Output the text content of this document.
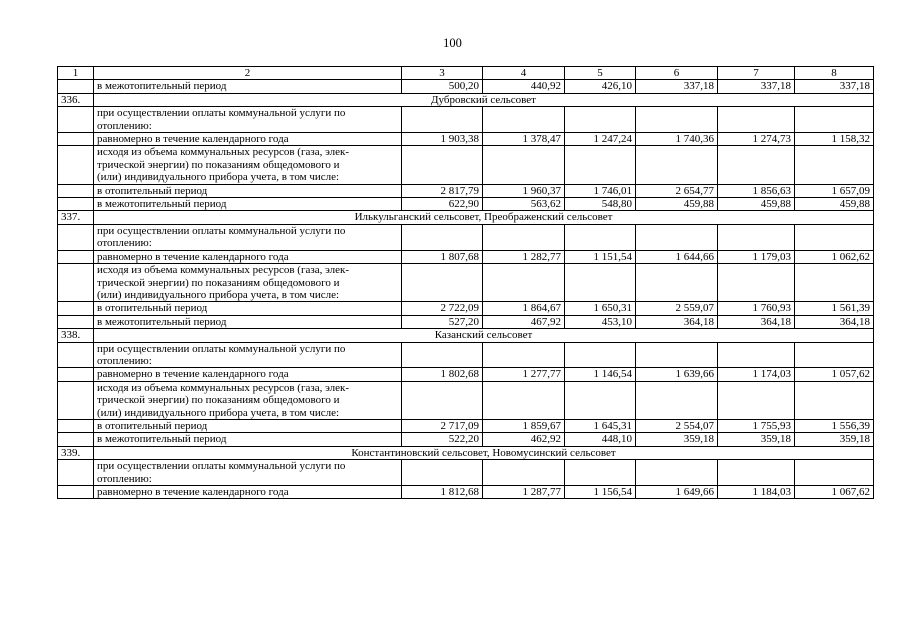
100
1	2	3	4	5	6	7	8
	в межотопительный период	500,20	440,92	426,10	337,18	337,18	337,18
336.	Дубровский сельсовет						

	при осуществлении оплаты коммунальной услуги по
отоплению:						

	равномерно в течение календарного года	1 903,38	1 378,47	1 247,24	1 740,36	1 274,73	1 158,32

	исходя из объема коммунальных ресурсов (газа, элек-
трической энергии) по показаниям общедомового и
(или) индивидуального прибора учета, в том числе:						

	в отопительный период	2 817,79	1 960,37	1 746,01	2 654,77	1 856,63	1 657,09
	в межотопительный период	622,90	563,62	548,80	459,88	459,88	459,88
337.	Илькульганский сельсовет, Преображенский сельсовет						

	при осуществлении оплаты коммунальной услуги по
отоплению:						

	равномерно в течение календарного года	1 807,68	1 282,77	1 151,54	1 644,66	1 179,03	1 062,62

	исходя из объема коммунальных ресурсов (газа, элек-
трической энергии) по показаниям общедомового и
(или) индивидуального прибора учета, в том числе:						

	в отопительный период	2 722,09	1 864,67	1 650,31	2 559,07	1 760,93	1 561,39
	в межотопительный период	527,20	467,92	453,10	364,18	364,18	364,18
338.	Казанский сельсовет						

	при осуществлении оплаты коммунальной услуги по
отоплению:						

	равномерно в течение календарного года	1 802,68	1 277,77	1 146,54	1 639,66	1 174,03	1 057,62

	исходя из объема коммунальных ресурсов (газа, элек-
трической энергии) по показаниям общедомового и
(или) индивидуального прибора учета, в том числе:						

	в отопительный период	2 717,09	1 859,67	1 645,31	2 554,07	1 755,93	1 556,39
	в межотопительный период	522,20	462,92	448,10	359,18	359,18	359,18
339.	Константиновский сельсовет, Новомусинский сельсовет						

	при осуществлении оплаты коммунальной услуги по
отоплению:						

	равномерно в течение календарного года	1 812,68	1 287,77	1 156,54	1 649,66	1 184,03	1 067,62
